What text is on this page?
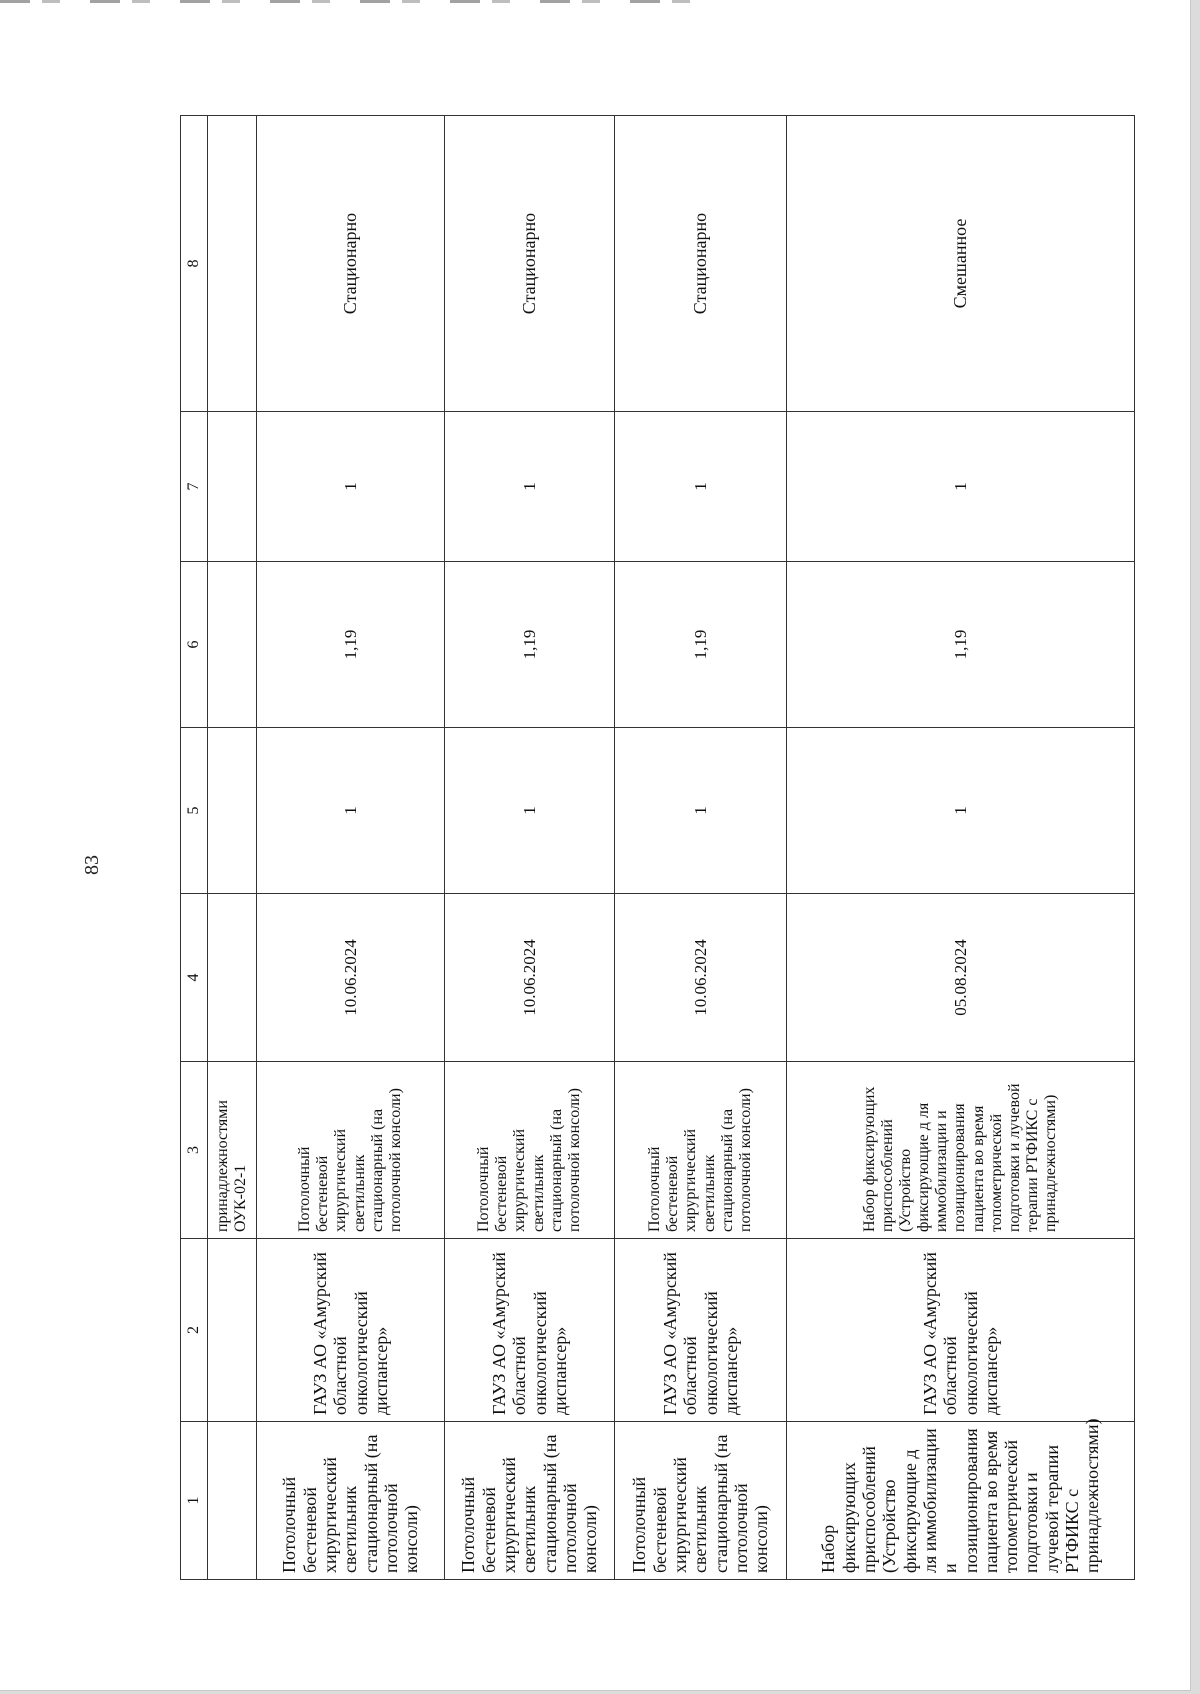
83
1	2	3	4	5	6	7	8
		принадлежностями ОУК-02-1					
Потолочный бестеневой хирургический светильник стационарный (на потолочной консоли)	ГАУЗ АО «Амурский областной онкологический диспансер»	Потолочный бестеневой хирургический светильник стационарный (на потолочной консоли)	10.06.2024	1	1,19	1	Стационарно
Потолочный бестеневой хирургический светильник стационарный (на потолочной консоли)	ГАУЗ АО «Амурский областной онкологический диспансер»	Потолочный бестеневой хирургический светильник стационарный (на потолочной консоли)	10.06.2024	1	1,19	1	Стационарно
Потолочный бестеневой хирургический светильник стационарный (на потолочной консоли)	ГАУЗ АО «Амурский областной онкологический диспансер»	Потолочный бестеневой хирургический светильник стационарный (на потолочной консоли)	10.06.2024	1	1,19	1	Стационарно
Набор фиксирующих приспособлений (Устройство фиксирующие д ля иммобилизации и позиционирования пациента во время топометрической подготовки и лучевой терапии РТФИКС с принадлежностями)	ГАУЗ АО «Амурский областной онкологический диспансер»	Набор фиксирующих приспособлений (Устройство фиксирующие д ля иммобилизации и позиционирования пациента во время топометрической подготовки и лучевой терапии РТФИКС с принадлежностями)	05.08.2024	1	1,19	1	Смешанное
